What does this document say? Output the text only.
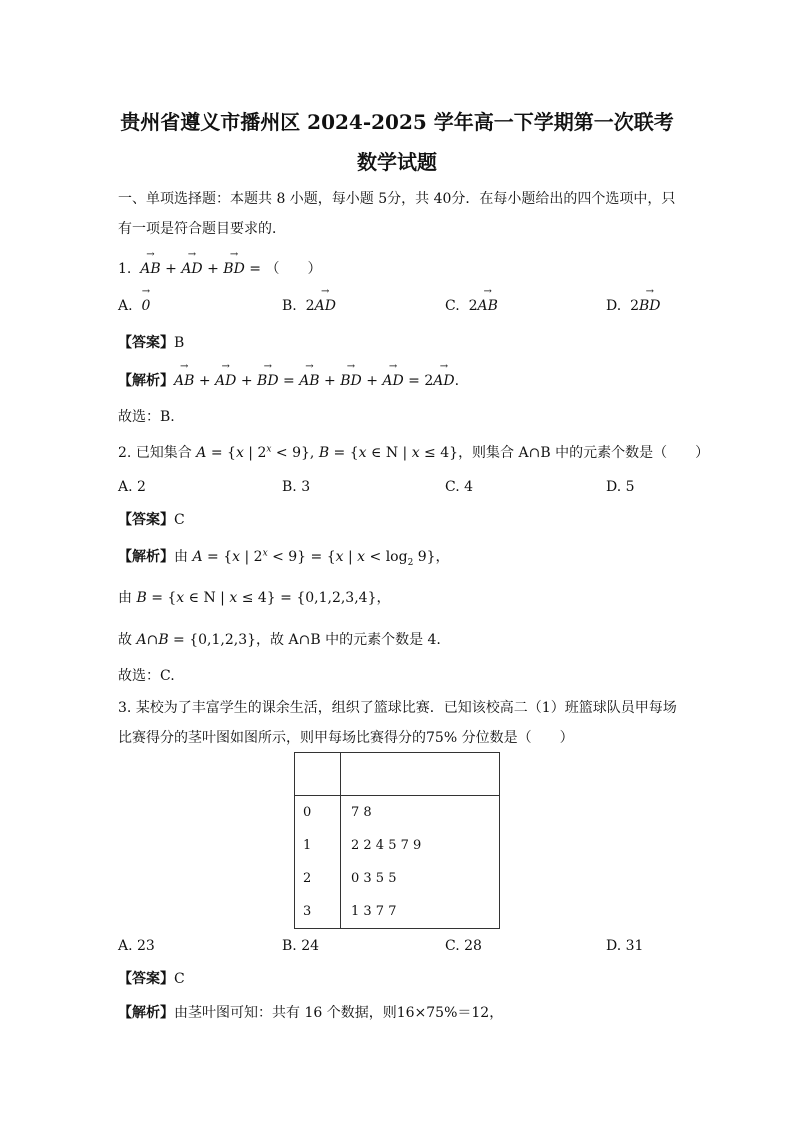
贵州省遵义市播州区 2024-2025 学年高一下学期第一次联考
数学试题
一、单项选择题：本题共 8 小题，每小题 5分，共 40分．在每小题给出的四个选项中，只
有一项是符合题目要求的．
1. → AB + → AD + → BD = （　　）
A. → 0	B. 2→ AD	C. 2→ AB	D. 2→ BD
【答案】B
【解析】→ AB + → AD + → BD = → AB + → BD + → AD = 2→ AD.
故选：B.
2. 已知集合 A = {x | $2^x < 9$}, B = {x ∈ N | x ≤ 4}，则集合 A∩B 中的元素个数是（　　）
A. 2	B. 3	C. 4	D. 5
【答案】C
【解析】由 A = {x | $2^x < 9\} = \{x$ | $x < \log_2 9$}，
由 B = {x ∈ N | x ≤ 4} = {0,1,2,3,4}，
故 A∩B = {0,1,2,3}，故 A∩B 中的元素个数是 4.
故选：C.
3. 某校为了丰富学生的课余生活，组织了篮球比赛．已知该校高二（1）班篮球队员甲每场
比赛得分的茎叶图如图所示，则甲每场比赛得分的75% 分位数是（　　）

0	7 8
1	2 2 4 5 7 9
2	0 3 5 5
3	1 3 7 7
A. 23	B. 24	C. 28	D. 31
【答案】C
【解析】由茎叶图可知：共有 16 个数据，则16×75%＝12，
